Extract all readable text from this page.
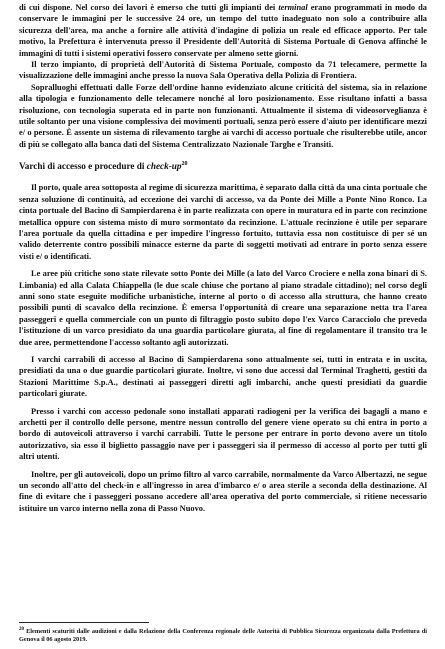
di cui dispone. Nel corso dei lavori è emerso che tutti gli impianti dei terminal erano programmati in modo da conservare le immagini per le successive 24 ore, un tempo del tutto inadeguato non solo a contribuire alla sicurezza dell'area, ma anche a fornire alle attività d'indagine di polizia un reale ed efficace apporto. Per tale motivo, la Prefettura è intervenuta presso il Presidente dell'Autorità di Sistema Portuale di Genova affinché le immagini di tutti i sistemi operativi fossero conservate per almeno sette giorni.

Il terzo impianto, di proprietà dell'Autorità di Sistema Portuale, composto da 71 telecamere, permette la visualizzazione delle immagini anche presso la nuova Sala Operativa della Polizia di Frontiera.

Sopralluoghi effettuati dalle Forze dell'ordine hanno evidenziato alcune criticità del sistema, sia in relazione alla tipologia e funzionamento delle telecamere nonché al loro posizionamento. Esse risultano infatti a bassa risoluzione, con tecnologia superata ed in parte non funzionanti. Attualmente il sistema di videosorveglianza è utile soltanto per una visione complessiva dei movimenti portuali, senza però essere d'aiuto per identificare mezzi e/ o persone. È assente un sistema di rilevamento targhe ai varchi di accesso portuale che risulterebbe utile, ancor di più se collegato alla banca dati del Sistema Centralizzato Nazionale Targhe e Transiti.

Varchi di accesso e procedure di check-$up^{20}$

Il porto, quale area sottoposta al regime di sicurezza marittima, è separato dalla città da una cinta portuale che senza soluzione di continuità, ad eccezione dei varchi di accesso, va da Ponte dei Mille a Ponte Nino Ronco. La cinta portuale del Bacino di Sampierdarena è in parte realizzata con opere in muratura ed in parte con recinzione metallica oppure con sistema misto di muro sormontato da recinzione. L'attuale recinzione è utile per separare l'area portuale da quella cittadina e per impedire l'ingresso fortuito, tuttavia essa non costituisce di per sé un valido deterrente contro possibili minacce esterne da parte di soggetti motivati ad entrare in porto senza essere visti e/ o identificati.

Le aree più critiche sono state rilevate sotto Ponte dei Mille (a lato del Varco Crociere e nella zona binari di S. Limbania) ed alla Calata Chiappella (le due scale chiuse che portano al piano stradale cittadino); nel corso degli anni sono state eseguite modifiche urbanistiche, interne al porto o di accesso alla struttura, che hanno creato possibili punti di scavalco della recinzione. È emersa l'opportunità di creare una separazione netta tra l'area passeggeri e quella commerciale con un punto di filtraggio posto subito dopo l'ex Varco Caracciolo che preveda l'istituzione di un varco presidiato da una guardia particolare giurata, al fine di regolamentare il transito tra le due aree, permettendone l'accesso soltanto agli autorizzati.

I varchi carrabili di accesso al Bacino di Sampierdarena sono attualmente sei, tutti in entrata e in uscita, presidiati da una o due guardie particolari giurate. Inoltre, vi sono due accessi dal Terminal Traghetti, gestiti da Stazioni Marittime S.p.A., destinati ai passeggeri diretti agli imbarchi, anche questi presidiati da guardie particolari giurate.

Presso i varchi con accesso pedonale sono installati apparati radiogeni per la verifica dei bagagli a mano e archetti per il controllo delle persone, mentre nessun controllo del genere viene operato su chi entra in porto a bordo di autoveicoli attraverso i varchi carrabili. Tutte le persone per entrare in porto devono avere un titolo autorizzativo, sia esso il biglietto passaggio nave per i passeggeri sia il permesso di accesso al porto per tutti gli altri utenti.

Inoltre, per gli autoveicoli, dopo un primo filtro al varco carrabile, normalmente da Varco Albertazzi, ne segue un secondo all'atto del check-in e all'ingresso in area d'imbarco e/ o area sterile a seconda della destinazione. Al fine di evitare che i passeggeri possano accedere all'area operativa del porto commerciale, si ritiene necessario istituire un varco interno nella zona di Passo Nuovo.

$^{20}$ Elementi scaturiti dalle audizioni e dalla Relazione della Conferenza regionale delle Autorità di Pubblica Sicurezza organizzata dalla Prefettura di Genova il 06 agosto 2019.
